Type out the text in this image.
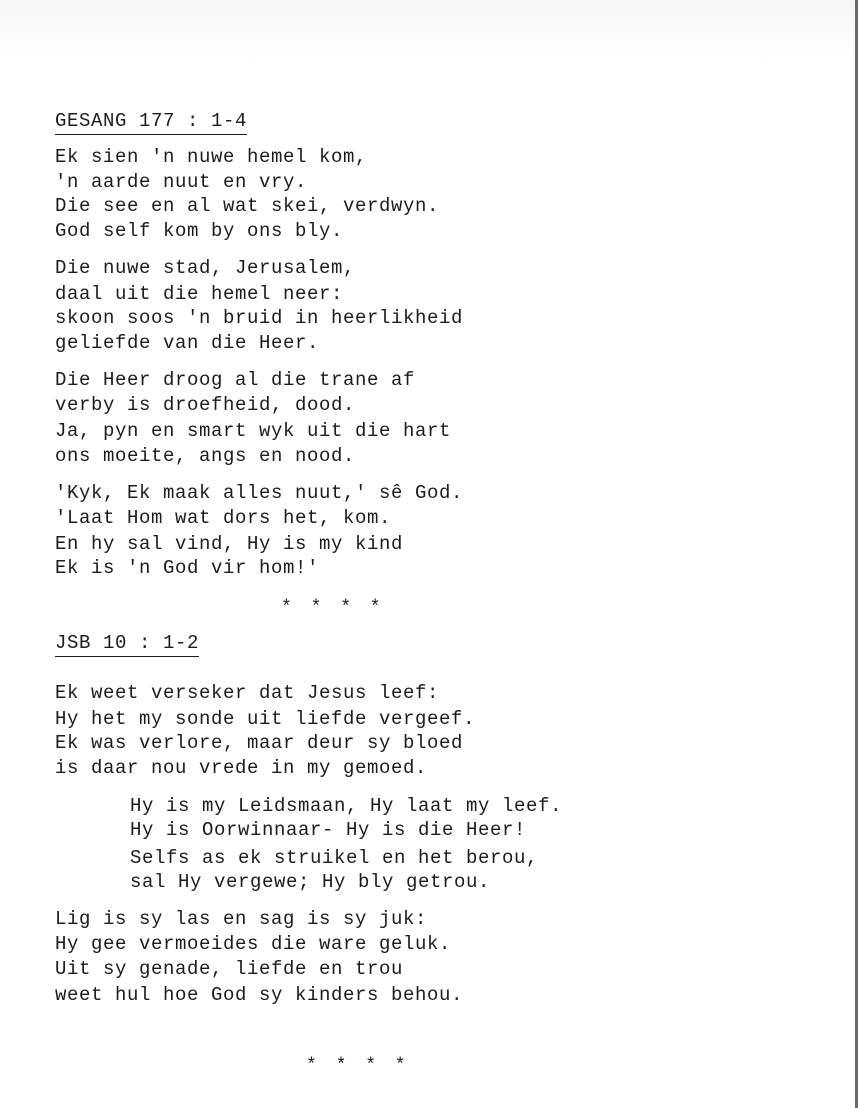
GESANG 177 : 1-4
Ek sien 'n nuwe hemel kom,
'n aarde nuut en vry.
Die see en al wat skei, verdwyn.
God self kom by ons bly.
Die nuwe stad, Jerusalem,
daal uit die hemel neer:
skoon soos 'n bruid in heerlikheid
geliefde van die Heer.
Die Heer droog al die trane af
verby is droefheid, dood.
Ja, pyn en smart wyk uit die hart
ons moeite, angs en nood.
'Kyk, Ek maak alles nuut,' sê God.
'Laat Hom wat dors het, kom.
En hy sal vind, Hy is my kind
Ek is 'n God vir hom!'
* * * *
JSB 10 : 1-2
Ek weet verseker dat Jesus leef:
Hy het my sonde uit liefde vergeef.
Ek was verlore, maar deur sy bloed
is daar nou vrede in my gemoed.
Hy is my Leidsmaan, Hy laat my leef.
Hy is Oorwinnaar- Hy is die Heer!
Selfs as ek struikel en het berou,
sal Hy vergewe; Hy bly getrou.
Lig is sy las en sag is sy juk:
Hy gee vermoeides die ware geluk.
Uit sy genade, liefde en trou
weet hul hoe God sy kinders behou.
* * * *
